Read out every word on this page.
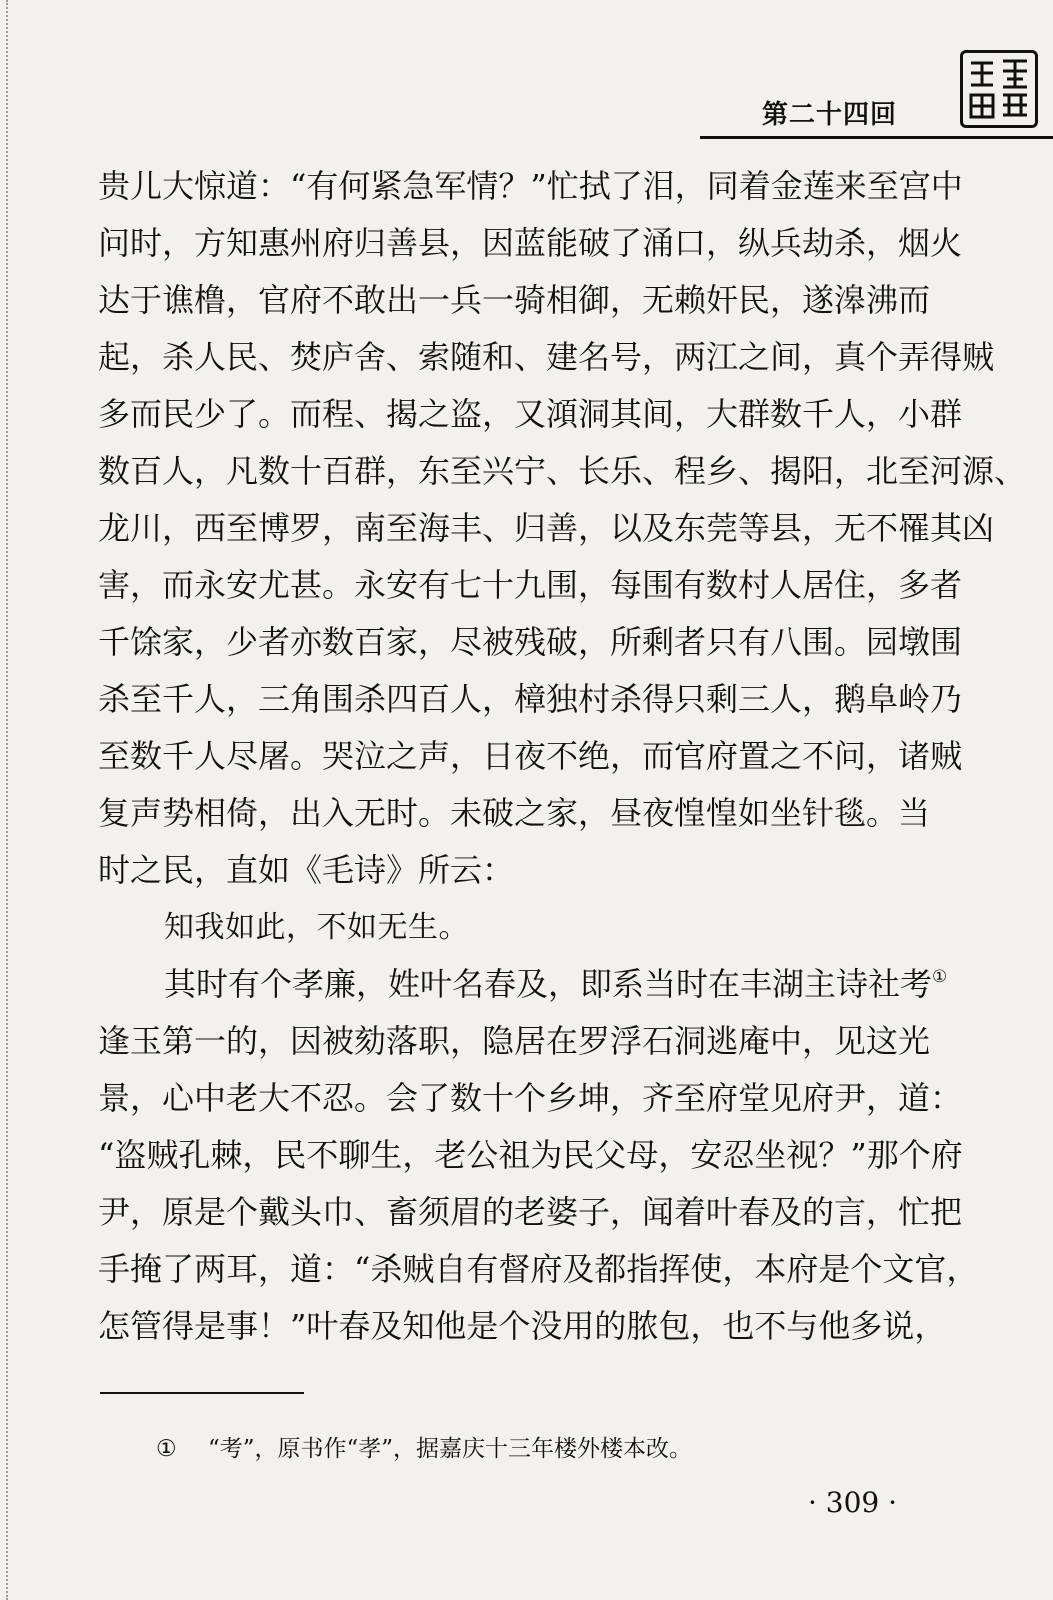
第二十四回
贵儿大惊道：“有何紧急军情？”忙拭了泪，同着金莲来至宫中
问时，方知惠州府归善县，因蓝能破了涌口，纵兵劫杀，烟火
达于谯橹，官府不敢出一兵一骑相御，无赖奸民，遂滜沸而
起，杀人民、焚庐舍、索随和、建名号，两江之间，真个弄得贼
多而民少了。而程、揭之盗，又澒洞其间，大群数千人，小群
数百人，凡数十百群，东至兴宁、长乐、程乡、揭阳，北至河源、
龙川，西至博罗，南至海丰、归善，以及东莞等县，无不罹其凶
害，而永安尤甚。永安有七十九围，每围有数村人居住，多者
千馀家，少者亦数百家，尽被残破，所剩者只有八围。园墩围
杀至千人，三角围杀四百人，樟独村杀得只剩三人，鹅阜岭乃
至数千人尽屠。哭泣之声，日夜不绝，而官府置之不问，诸贼
复声势相倚，出入无时。未破之家，昼夜惶惶如坐针毯。当
时之民，直如《毛诗》所云：
知我如此，不如无生。
其时有个孝廉，姓叶名春及，即系当时在丰湖主诗社考①
逢玉第一的，因被劾落职，隐居在罗浮石洞逃庵中，见这光
景，心中老大不忍。会了数十个乡坤，齐至府堂见府尹，道：
“盗贼孔棘，民不聊生，老公祖为民父母，安忍坐视？”那个府
尹，原是个戴头巾、畜须眉的老婆子，闻着叶春及的言，忙把
手掩了两耳，道：“杀贼自有督府及都指挥使，本府是个文官，
怎管得是事！”叶春及知他是个没用的脓包，也不与他多说，
① “考”，原书作“孝”，据嘉庆十三年楼外楼本改。
· 309 ·
